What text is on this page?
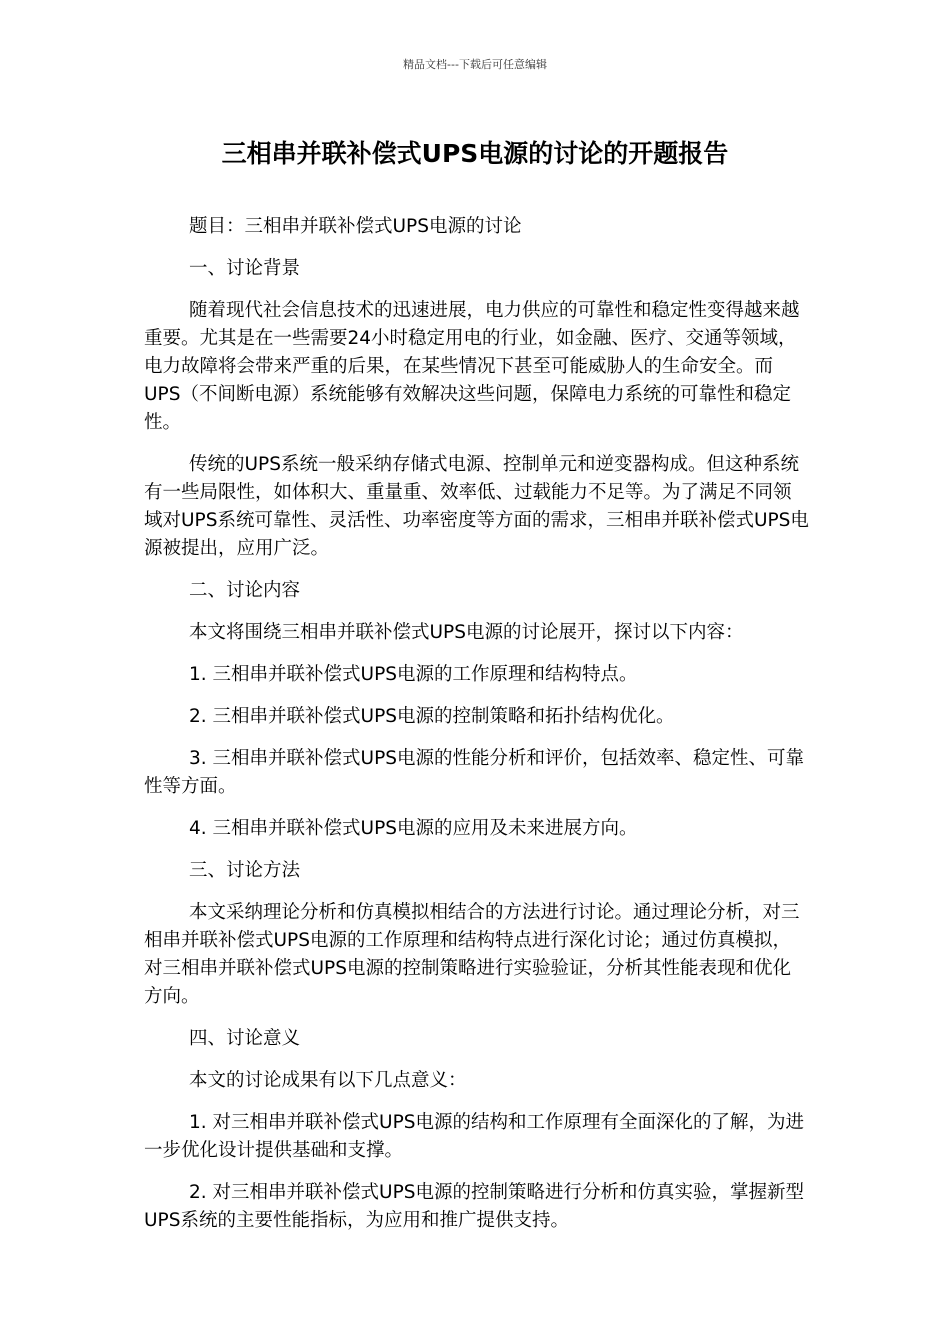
精品文档---下载后可任意编辑
三相串并联补偿式UPS电源的讨论的开题报告

题目：三相串并联补偿式UPS电源的讨论

一、讨论背景

随着现代社会信息技术的迅速进展，电力供应的可靠性和稳定性变得越来越重要。尤其是在一些需要24小时稳定用电的行业，如金融、医疗、交通等领域，电力故障将会带来严重的后果，在某些情况下甚至可能威胁人的生命安全。而UPS（不间断电源）系统能够有效解决这些问题，保障电力系统的可靠性和稳定性。

传统的UPS系统一般采纳存储式电源、控制单元和逆变器构成。但这种系统有一些局限性，如体积大、重量重、效率低、过载能力不足等。为了满足不同领域对UPS系统可靠性、灵活性、功率密度等方面的需求，三相串并联补偿式UPS电源被提出，应用广泛。

二、讨论内容

本文将围绕三相串并联补偿式UPS电源的讨论展开，探讨以下内容：

1. 三相串并联补偿式UPS电源的工作原理和结构特点。

2. 三相串并联补偿式UPS电源的控制策略和拓扑结构优化。

3. 三相串并联补偿式UPS电源的性能分析和评价，包括效率、稳定性、可靠性等方面。

4. 三相串并联补偿式UPS电源的应用及未来进展方向。

三、讨论方法

本文采纳理论分析和仿真模拟相结合的方法进行讨论。通过理论分析，对三相串并联补偿式UPS电源的工作原理和结构特点进行深化讨论；通过仿真模拟，对三相串并联补偿式UPS电源的控制策略进行实验验证，分析其性能表现和优化方向。

四、讨论意义

本文的讨论成果有以下几点意义：

1. 对三相串并联补偿式UPS电源的结构和工作原理有全面深化的了解，为进一步优化设计提供基础和支撑。

2. 对三相串并联补偿式UPS电源的控制策略进行分析和仿真实验，掌握新型UPS系统的主要性能指标，为应用和推广提供支持。
